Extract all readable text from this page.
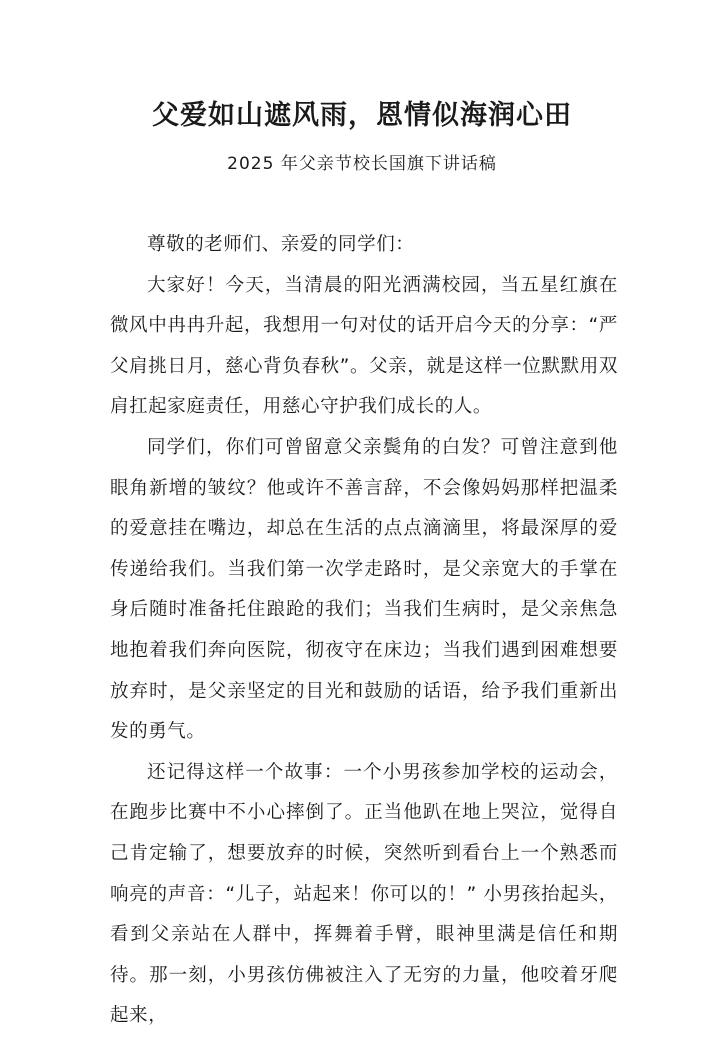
父爱如山遮风雨，恩情似海润心田
2025 年父亲节校长国旗下讲话稿

尊敬的老师们、亲爱的同学们：

大家好！今天，当清晨的阳光洒满校园，当五星红旗在微风中冉冉升起，我想用一句对仗的话开启今天的分享：“严父肩挑日月，慈心背负春秋”。父亲，就是这样一位默默用双肩扛起家庭责任，用慈心守护我们成长的人。

同学们，你们可曾留意父亲鬓角的白发？可曾注意到他眼角新增的皱纹？他或许不善言辞，不会像妈妈那样把温柔的爱意挂在嘴边，却总在生活的点点滴滴里，将最深厚的爱传递给我们。当我们第一次学走路时，是父亲宽大的手掌在身后随时准备托住踉跄的我们；当我们生病时，是父亲焦急地抱着我们奔向医院，彻夜守在床边；当我们遇到困难想要放弃时，是父亲坚定的目光和鼓励的话语，给予我们重新出发的勇气。

还记得这样一个故事：一个小男孩参加学校的运动会，在跑步比赛中不小心摔倒了。正当他趴在地上哭泣，觉得自己肯定输了，想要放弃的时候，突然听到看台上一个熟悉而响亮的声音：“儿子，站起来！你可以的！” 小男孩抬起头，看到父亲站在人群中，挥舞着手臂，眼神里满是信任和期待。那一刻，小男孩仿佛被注入了无穷的力量，他咬着牙爬起来，
